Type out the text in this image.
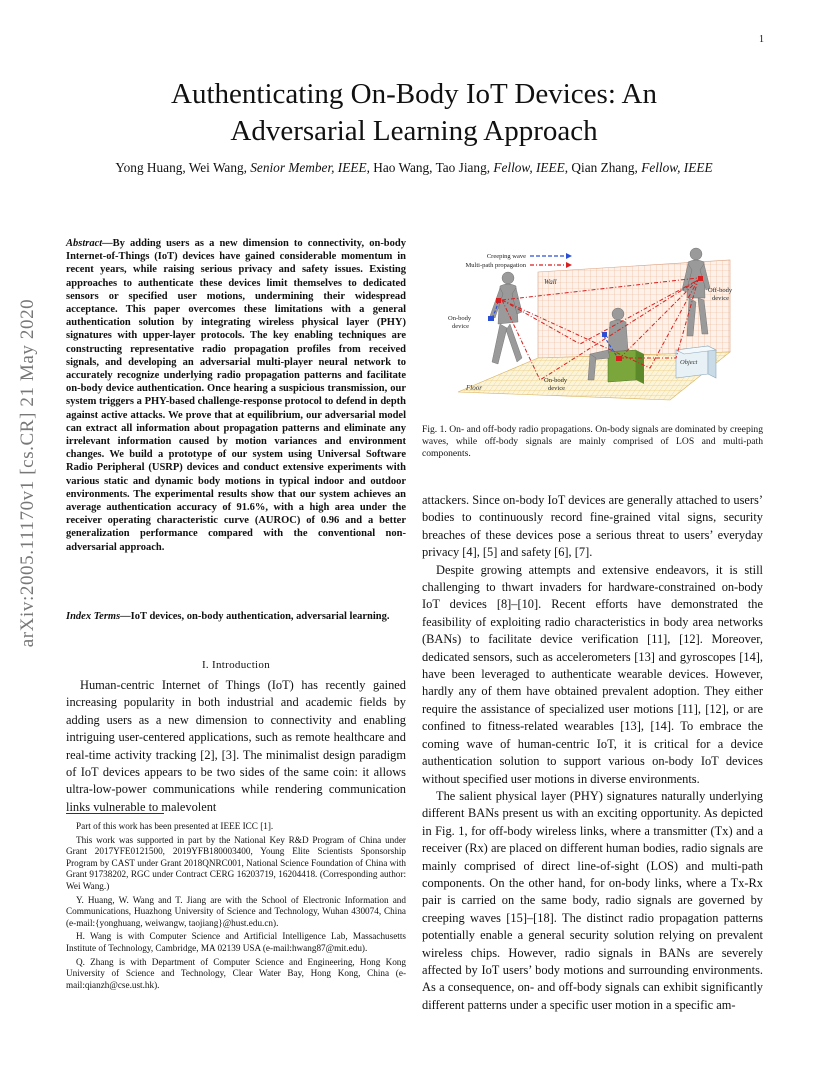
1
arXiv:2005.11170v1 [cs.CR] 21 May 2020
Authenticating On-Body IoT Devices: An
Adversarial Learning Approach
Yong Huang, Wei Wang, Senior Member, IEEE, Hao Wang, Tao Jiang, Fellow, IEEE, Qian Zhang, Fellow, IEEE
Abstract—By adding users as a new dimension to connectivity, on-body Internet-of-Things (IoT) devices have gained considerable momentum in recent years, while raising serious privacy and safety issues. Existing approaches to authenticate these devices limit themselves to dedicated sensors or specified user motions, undermining their widespread acceptance. This paper overcomes these limitations with a general authentication solution by integrating wireless physical layer (PHY) signatures with upper-layer protocols. The key enabling techniques are constructing representative radio propagation profiles from received signals, and developing an adversarial multi-player neural network to accurately recognize underlying radio propagation patterns and facilitate on-body device authentication. Once hearing a suspicious transmission, our system triggers a PHY-based challenge-response protocol to defend in depth against active attacks. We prove that at equilibrium, our adversarial model can extract all information about propagation patterns and eliminate any irrelevant information caused by motion variances and environment changes. We build a prototype of our system using Universal Software Radio Peripheral (USRP) devices and conduct extensive experiments with various static and dynamic body motions in typical indoor and outdoor environments. The experimental results show that our system achieves an average authentication accuracy of 91.6%, with a high area under the receiver operating characteristic curve (AUROC) of 0.96 and a better generalization performance compared with the conventional non-adversarial approach.
Index Terms—IoT devices, on-body authentication, adversarial learning.
I. Introduction

Human-centric Internet of Things (IoT) has recently gained increasing popularity in both industrial and academic fields by adding users as a new dimension to connectivity and enabling intriguing user-centered applications, such as remote healthcare and real-time activity tracking [2], [3]. The minimalist design paradigm of IoT devices appears to be two sides of the same coin: it allows ultra-low-power communications while rendering communication links vulnerable to malevolent

Part of this work has been presented at IEEE ICC [1].

This work was supported in part by the National Key R&D Program of China under Grant 2017YFE0121500, 2019YFB180003400, Young Elite Scientists Sponsorship Program by CAST under Grant 2018QNRC001, National Science Foundation of China with Grant 91738202, RGC under Contract CERG 16203719, 16204418. (Corresponding author: Wei Wang.)

Y. Huang, W. Wang and T. Jiang are with the School of Electronic Information and Communications, Huazhong University of Science and Technology, Wuhan 430074, China (e-mail:{yonghuang, weiwangw, taojiang}@hust.edu.cn).

H. Wang is with Computer Science and Artificial Intelligence Lab, Massachusetts Institute of Technology, Cambridge, MA 02139 USA (e-mail:hwang87@mit.edu).

Q. Zhang is with Department of Computer Science and Engineering, Hong Kong University of Science and Technology, Clear Water Bay, Hong Kong, China (e-mail:qianzh@cse.ust.hk).

Wall
Floor
Object
Creeping wave
Multi-path propagation
Off-body device
On-body device
On-body device
Fig. 1. On- and off-body radio propagations. On-body signals are dominated by creeping waves, while off-body signals are mainly comprised of LOS and multi-path components.

attackers. Since on-body IoT devices are generally attached to users’ bodies to continuously record fine-grained vital signs, security breaches of these devices pose a serious threat to users’ everyday privacy [4], [5] and safety [6], [7].

Despite growing attempts and extensive endeavors, it is still challenging to thwart invaders for hardware-constrained on-body IoT devices [8]–[10]. Recent efforts have demonstrated the feasibility of exploiting radio characteristics in body area networks (BANs) to facilitate device verification [11], [12]. Moreover, dedicated sensors, such as accelerometers [13] and gyroscopes [14], have been leveraged to authenticate wearable devices. However, hardly any of them have obtained prevalent adoption. They either require the assistance of specialized user motions [11], [12], or are confined to fitness-related wearables [13], [14]. To embrace the coming wave of human-centric IoT, it is critical for a device authentication solution to support various on-body IoT devices without specified user motions in diverse environments.

The salient physical layer (PHY) signatures naturally underlying different BANs present us with an exciting opportunity. As depicted in Fig. 1, for off-body wireless links, where a transmitter (Tx) and a receiver (Rx) are placed on different human bodies, radio signals are mainly comprised of direct line-of-sight (LOS) and multi-path components. On the other hand, for on-body links, where a Tx-Rx pair is carried on the same body, radio signals are governed by creeping waves [15]–[18]. The distinct radio propagation patterns potentially enable a general security solution relying on prevalent wireless chips. However, radio signals in BANs are severely affected by IoT users’ body motions and surrounding environments. As a consequence, on- and off-body signals can exhibit significantly different patterns under a specific user motion in a specific am-
